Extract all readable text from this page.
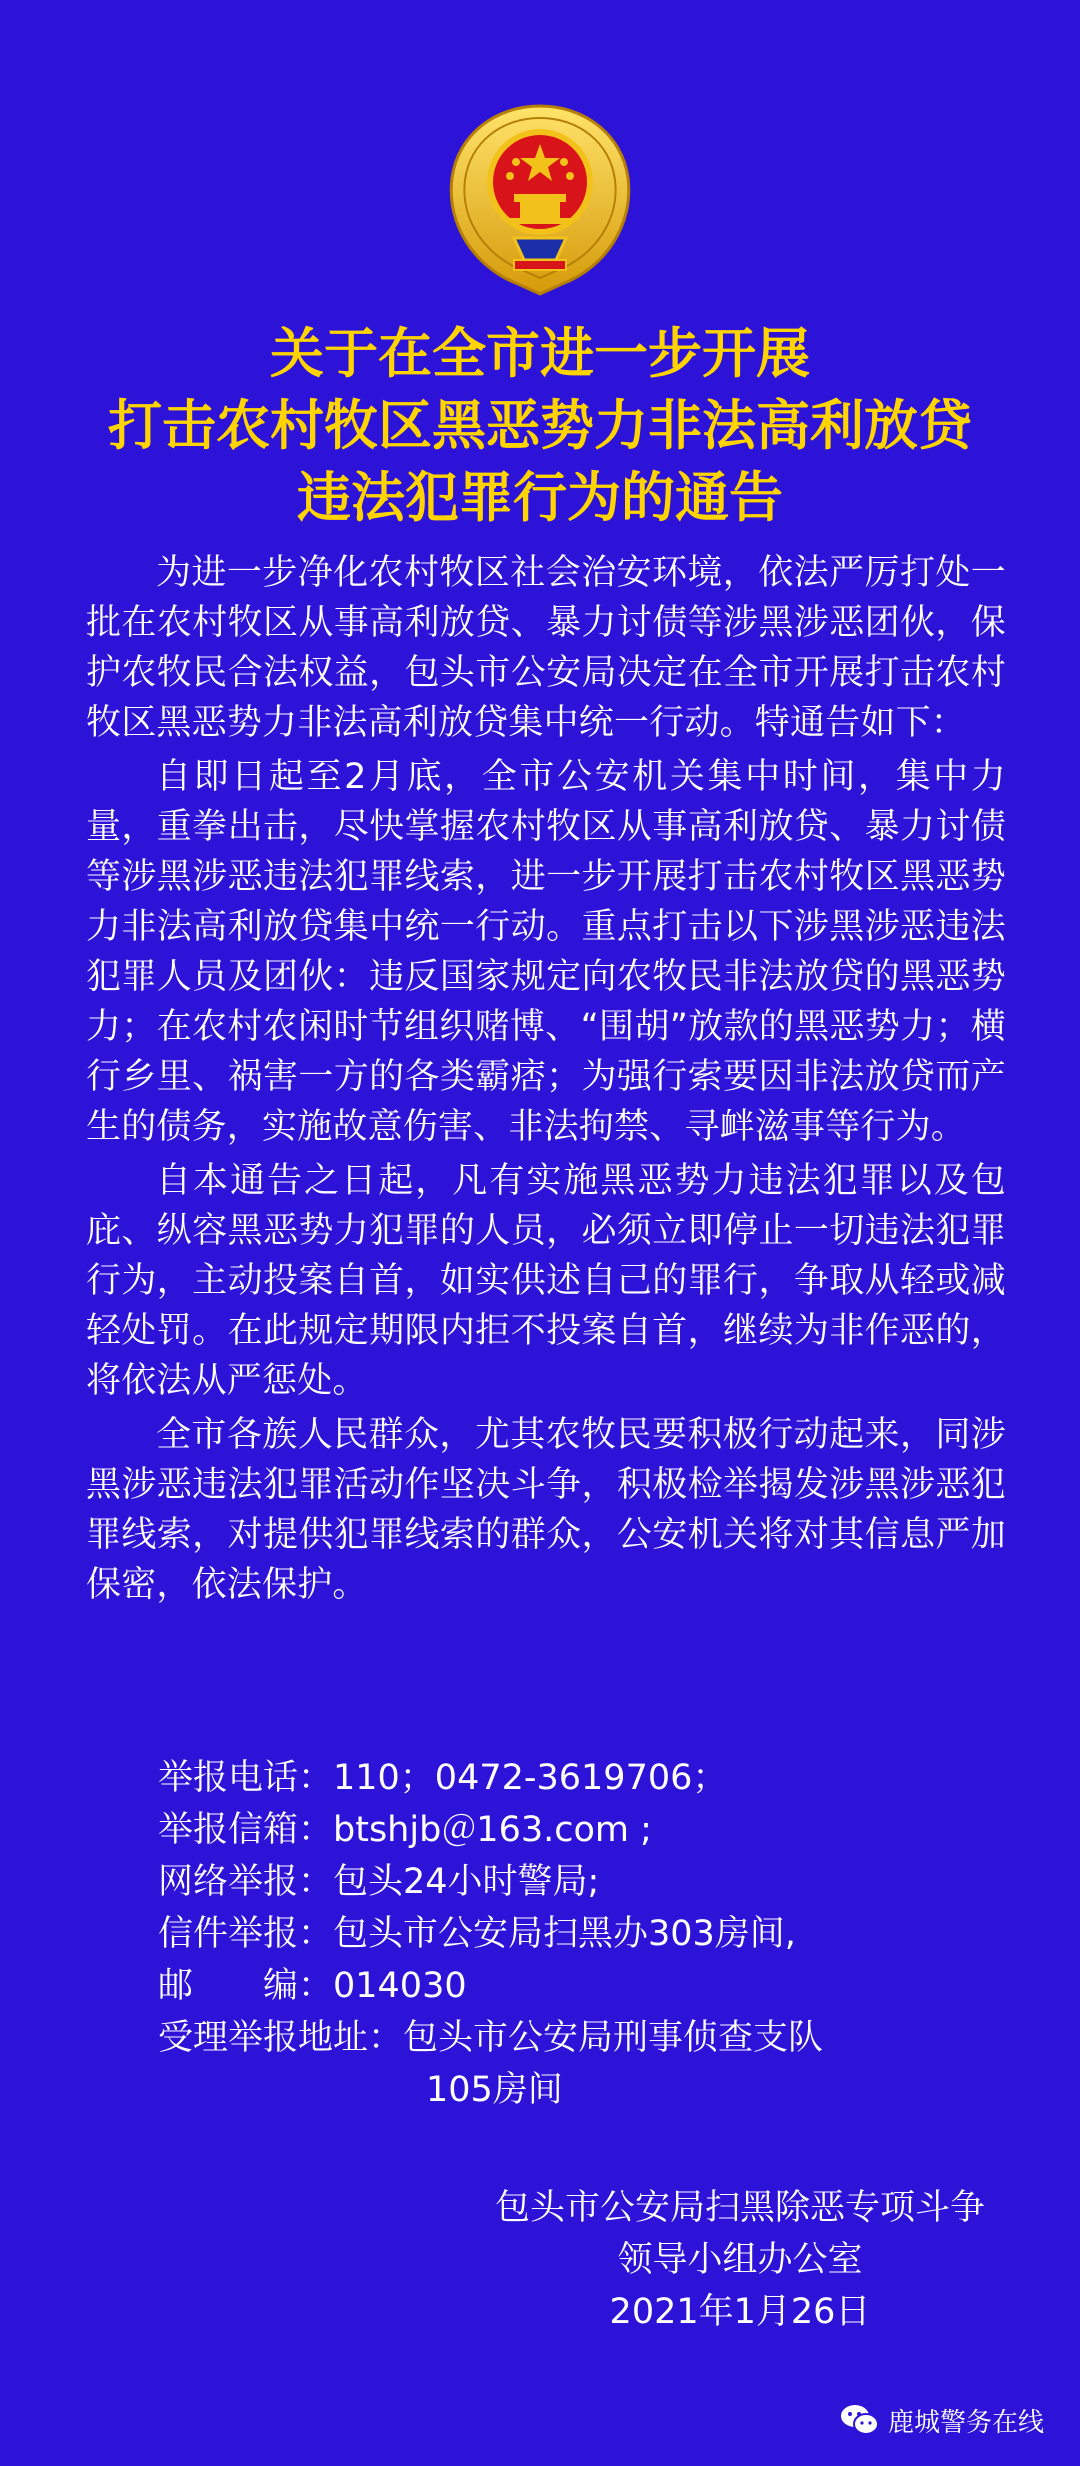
关于在全市进一步开展
打击农村牧区黑恶势力非法高利放贷
违法犯罪行为的通告

为进一步净化农村牧区社会治安环境，依法严厉打处一批在农村牧区从事高利放贷、暴力讨债等涉黑涉恶团伙，保护农牧民合法权益，包头市公安局决定在全市开展打击农村牧区黑恶势力非法高利放贷集中统一行动。特通告如下：

自即日起至2月底，全市公安机关集中时间，集中力量，重拳出击，尽快掌握农村牧区从事高利放贷、暴力讨债等涉黑涉恶违法犯罪线索，进一步开展打击农村牧区黑恶势力非法高利放贷集中统一行动。重点打击以下涉黑涉恶违法犯罪人员及团伙：违反国家规定向农牧民非法放贷的黑恶势力；在农村农闲时节组织赌博、“围胡”放款的黑恶势力；横行乡里、祸害一方的各类霸痞；为强行索要因非法放贷而产生的债务，实施故意伤害、非法拘禁、寻衅滋事等行为。

自本通告之日起，凡有实施黑恶势力违法犯罪以及包庇、纵容黑恶势力犯罪的人员，必须立即停止一切违法犯罪行为，主动投案自首，如实供述自己的罪行，争取从轻或减轻处罚。在此规定期限内拒不投案自首，继续为非作恶的，将依法从严惩处。

全市各族人民群众，尤其农牧民要积极行动起来，同涉黑涉恶违法犯罪活动作坚决斗争，积极检举揭发涉黑涉恶犯罪线索，对提供犯罪线索的群众，公安机关将对其信息严加保密，依法保护。

举报电话：110；0472-3619706；
举报信箱：btshjb＠163.com ;
网络举报：包头24小时警局;
信件举报：包头市公安局扫黑办303房间,
邮　　编：014030
受理举报地址：包头市公安局刑事侦查支队
105房间
包头市公安局扫黑除恶专项斗争
领导小组办公室
2021年1月26日
鹿城警务在线
